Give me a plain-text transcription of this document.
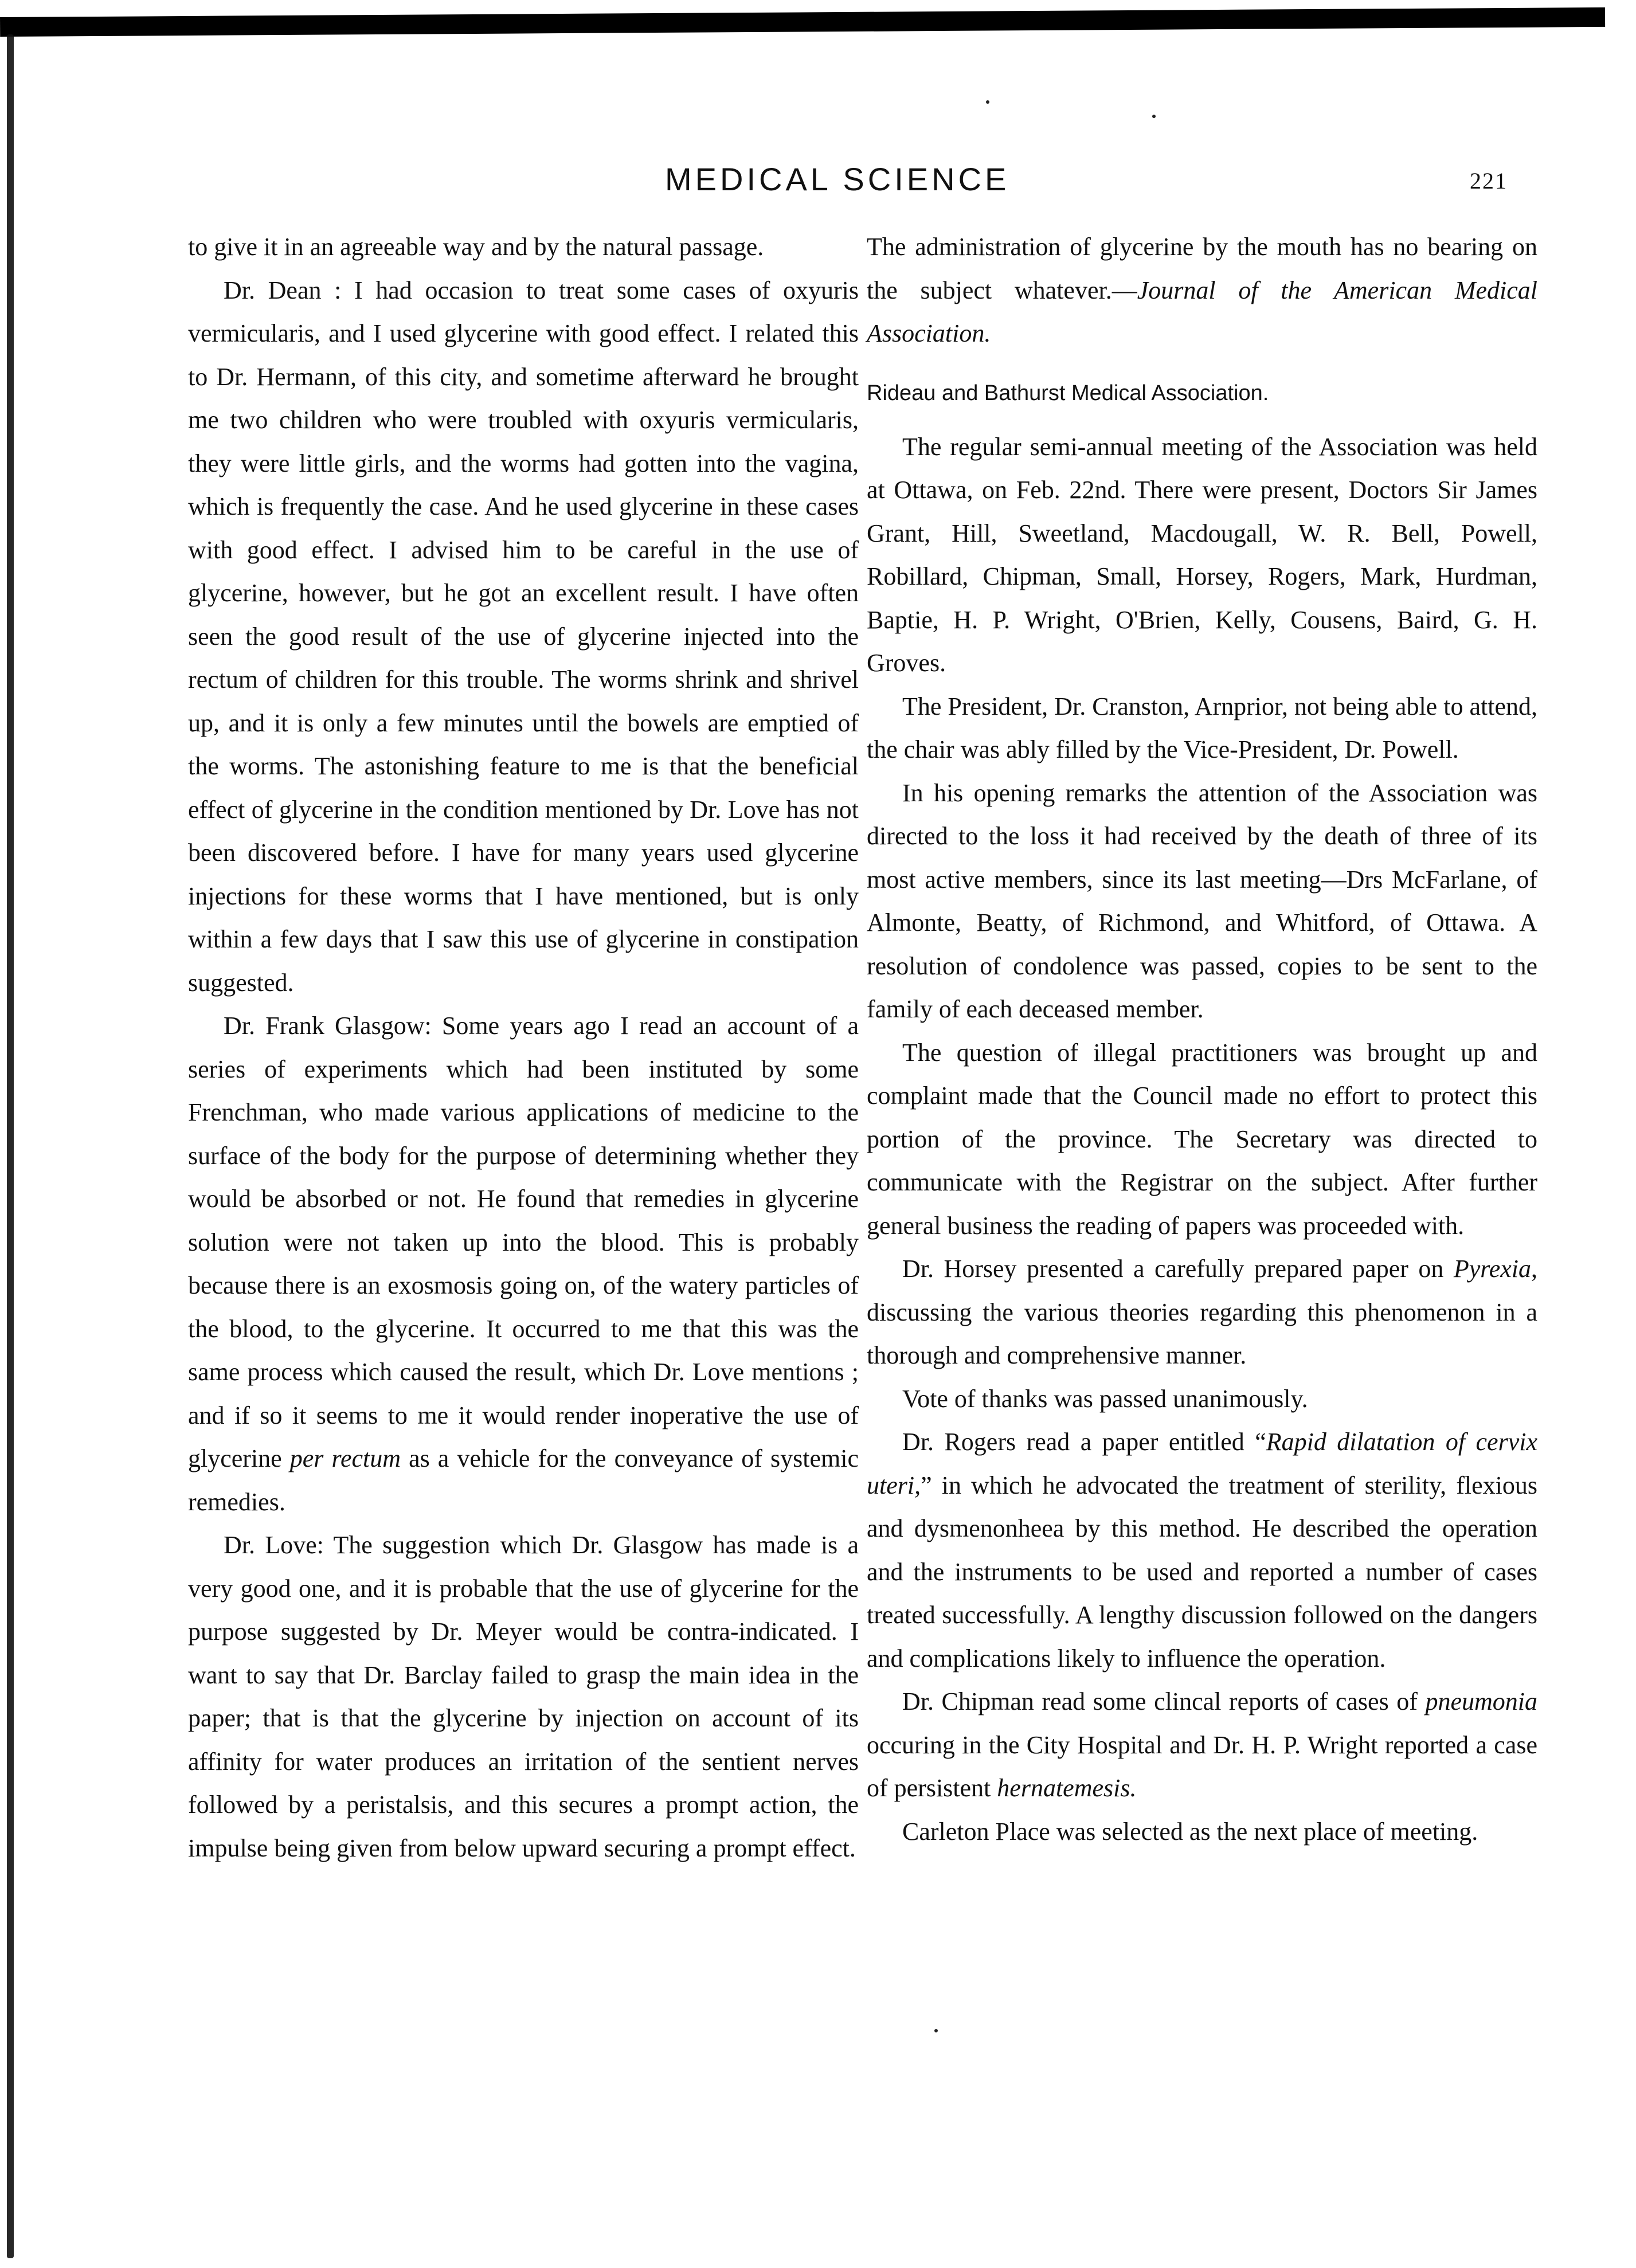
MEDICAL SCIENCE	221

to give it in an agreeable way and by the natural passage.

Dr. Dean : I had occasion to treat some cases of oxyuris vermicularis, and I used glycerine with good effect. I related this to Dr. Hermann, of this city, and sometime afterward he brought me two children who were troubled with oxyuris vermicularis, they were little girls, and the worms had gotten into the vagina, which is frequently the case. And he used glycerine in these cases with good effect. I advised him to be careful in the use of glycerine, however, but he got an excellent result. I have often seen the good result of the use of glycerine injected into the rectum of children for this trouble. The worms shrink and shrivel up, and it is only a few minutes until the bowels are emptied of the worms. The astonishing feature to me is that the beneficial effect of glycerine in the condition mentioned by Dr. Love has not been discovered before. I have for many years used glycerine injections for these worms that I have mentioned, but is only within a few days that I saw this use of glycerine in constipation suggested.

Dr. Frank Glasgow: Some years ago I read an account of a series of experiments which had been instituted by some Frenchman, who made various applications of medicine to the surface of the body for the purpose of determining whether they would be absorbed or not. He found that remedies in glycerine solution were not taken up into the blood. This is probably because there is an exosmosis going on, of the watery particles of the blood, to the glycerine. It occurred to me that this was the same process which caused the result, which Dr. Love mentions ; and if so it seems to me it would render inoperative the use of glycerine per rectum as a vehicle for the conveyance of systemic remedies.

Dr. Love: The suggestion which Dr. Glasgow has made is a very good one, and it is probable that the use of glycerine for the purpose suggested by Dr. Meyer would be contra-indicated. I want to say that Dr. Barclay failed to grasp the main idea in the paper; that is that the glycerine by injection on account of its affinity for water produces an irritation of the sentient nerves followed by a peristalsis, and this secures a prompt action, the impulse being given from below upward securing a prompt effect.

The administration of glycerine by the mouth has no bearing on the subject whatever.—Journal of the American Medical Association.

Rideau and Bathurst Medical Association.

The regular semi-annual meeting of the Association was held at Ottawa, on Feb. 22nd. There were present, Doctors Sir James Grant, Hill, Sweetland, Macdougall, W. R. Bell, Powell, Robillard, Chipman, Small, Horsey, Rogers, Mark, Hurdman, Baptie, H. P. Wright, O'Brien, Kelly, Cousens, Baird, G. H. Groves.

The President, Dr. Cranston, Arnprior, not being able to attend, the chair was ably filled by the Vice-President, Dr. Powell.

In his opening remarks the attention of the Association was directed to the loss it had received by the death of three of its most active members, since its last meeting—Drs McFarlane, of Almonte, Beatty, of Richmond, and Whitford, of Ottawa. A resolution of condolence was passed, copies to be sent to the family of each deceased member.

The question of illegal practitioners was brought up and complaint made that the Council made no effort to protect this portion of the province. The Secretary was directed to communicate with the Registrar on the subject. After further general business the reading of papers was proceeded with.

Dr. Horsey presented a carefully prepared paper on Pyrexia, discussing the various theories regarding this phenomenon in a thorough and comprehensive manner.

Vote of thanks was passed unanimously.

Dr. Rogers read a paper entitled “Rapid dilatation of cervix uteri,” in which he advocated the treatment of sterility, flexious and dysmenonheea by this method. He described the operation and the instruments to be used and reported a number of cases treated successfully. A lengthy discussion followed on the dangers and complications likely to influence the operation.

Dr. Chipman read some clincal reports of cases of pneumonia occuring in the City Hospital and Dr. H. P. Wright reported a case of persistent hernatemesis.

Carleton Place was selected as the next place of meeting.
